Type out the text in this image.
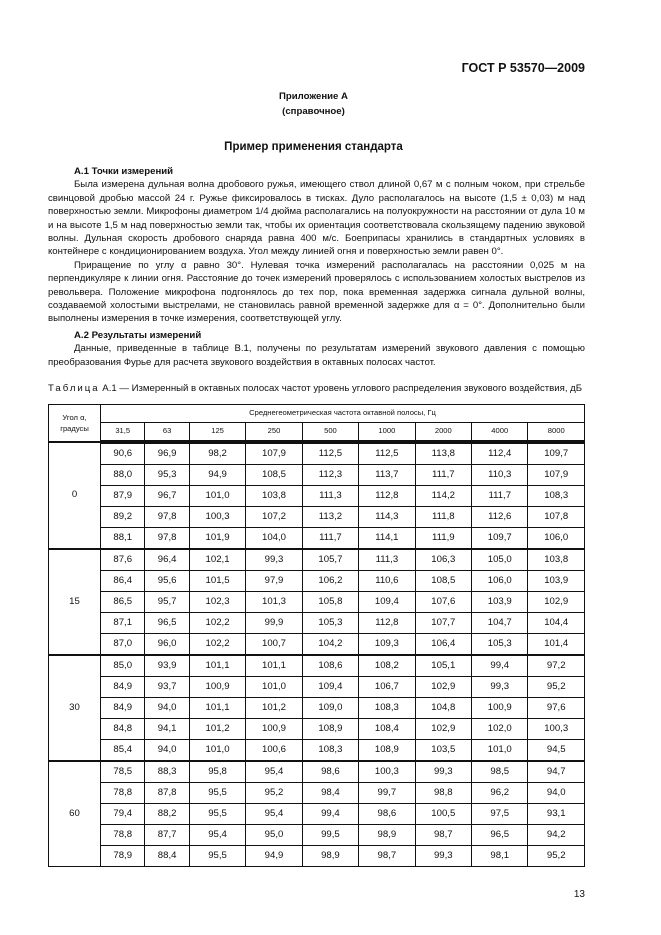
ГОСТ Р 53570—2009
Приложение А
(справочное)
Пример применения стандарта
А.1 Точки измерений

Была измерена дульная волна дробового ружья, имеющего ствол длиной 0,67 м с полным чоком, при стрельбе свинцовой дробью массой 24 г. Ружье фиксировалось в тисках. Дуло располагалось на высоте (1,5 ± 0,03) м над поверхностью земли. Микрофоны диаметром 1/4 дюйма располагались на полуокружности на расстоянии от дула 10 м и на высоте 1,5 м над поверхностью земли так, чтобы их ориентация соответствовала скользящему падению звуковой волны. Дульная скорость дробового снаряда равна 400 м/с. Боеприпасы хранились в стандартных условиях в контейнере с кондиционированием воздуха. Угол между линией огня и поверхностью земли равен 0°.

Приращение по углу α равно 30°. Нулевая точка измерений располагалась на расстоянии 0,025 м на перпендикуляре к линии огня. Расстояние до точек измерений проверялось с использованием холостых выстрелов из револьвера. Положение микрофона подгонялось до тех пор, пока временная задержка сигнала дульной волны, создаваемой холостыми выстрелами, не становилась равной временной задержке для α = 0°. Дополнительно были выполнены измерения в точке измерения, соответствующей углу.

А.2 Результаты измерений

Данные, приведенные в таблице В.1, получены по результатам измерений звукового давления с помощью преобразования Фурье для расчета звукового воздействия в октавных полосах частот.

Таблица А.1 — Измеренный в октавных полосах частот уровень углового распределения звукового воздействия, дБ
Угол α, градусы	Среднегеометрическая частота октавной полосы, Гц								
	31,5	63	125	250	500	1000	2000	4000	8000
0	90,6	96,9	98,2	107,9	112,5	112,5	113,8	112,4	109,7
	88,0	95,3	94,9	108,5	112,3	113,7	111,7	110,3	107,9
	87,9	96,7	101,0	103,8	111,3	112,8	114,2	111,7	108,3
	89,2	97,8	100,3	107,2	113,2	114,3	111,8	112,6	107,8
	88,1	97,8	101,9	104,0	111,7	114,1	111,9	109,7	106,0
15	87,6	96,4	102,1	99,3	105,7	111,3	106,3	105,0	103,8
	86,4	95,6	101,5	97,9	106,2	110,6	108,5	106,0	103,9
	86,5	95,7	102,3	101,3	105,8	109,4	107,6	103,9	102,9
	87,1	96,5	102,2	99,9	105,3	112,8	107,7	104,7	104,4
	87,0	96,0	102,2	100,7	104,2	109,3	106,4	105,3	101,4
30	85,0	93,9	101,1	101,1	108,6	108,2	105,1	99,4	97,2
	84,9	93,7	100,9	101,0	109,4	106,7	102,9	99,3	95,2
	84,9	94,0	101,1	101,2	109,0	108,3	104,8	100,9	97,6
	84,8	94,1	101,2	100,9	108,9	108,4	102,9	102,0	100,3
	85,4	94,0	101,0	100,6	108,3	108,9	103,5	101,0	94,5
60	78,5	88,3	95,8	95,4	98,6	100,3	99,3	98,5	94,7
	78,8	87,8	95,5	95,2	98,4	99,7	98,8	96,2	94,0
	79,4	88,2	95,5	95,4	99,4	98,6	100,5	97,5	93,1
	78,8	87,7	95,4	95,0	99,5	98,9	98,7	96,5	94,2
	78,9	88,4	95,5	94,9	98,9	98,7	99,3	98,1	95,2
13
